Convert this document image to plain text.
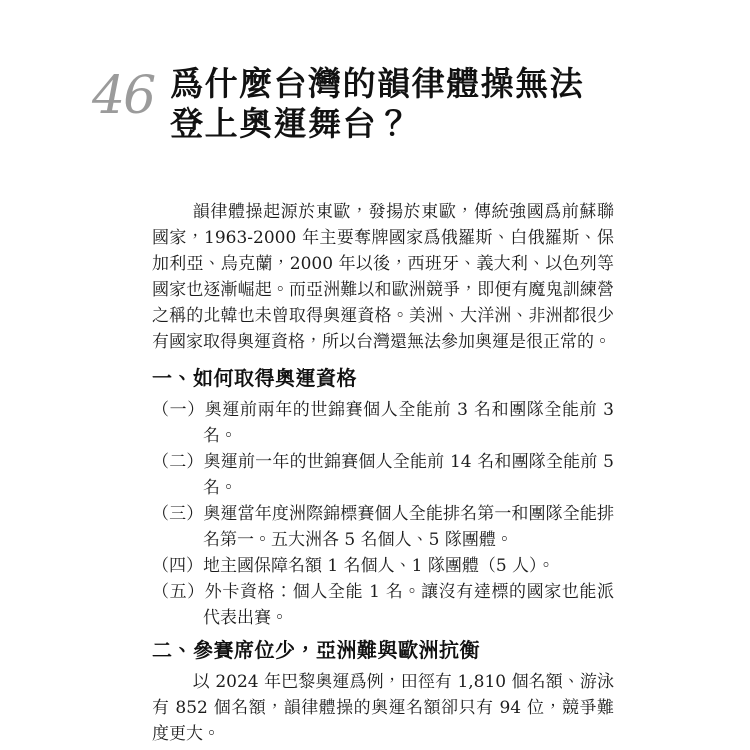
46 爲什麼台灣的韻律體操無法登上奧運舞台？

韻律體操起源於東歐，發揚於東歐，傳統強國爲前蘇聯國家，1963-2000 年主要奪牌國家爲俄羅斯、白俄羅斯、保加利亞、烏克蘭，2000 年以後，西班牙、義大利、以色列等國家也逐漸崛起。而亞洲難以和歐洲競爭，即便有魔鬼訓練營之稱的北韓也未曾取得奧運資格。美洲、大洋洲、非洲都很少有國家取得奧運資格，所以台灣還無法參加奧運是很正常的。

一、如何取得奧運資格
（一）奧運前兩年的世錦賽個人全能前 3 名和團隊全能前 3 名。
（二）奧運前一年的世錦賽個人全能前 14 名和團隊全能前 5 名。
（三）奧運當年度洲際錦標賽個人全能排名第一和團隊全能排名第一。五大洲各 5 名個人、5 隊團體。
（四）地主國保障名額 1 名個人、1 隊團體（5 人）。
（五）外卡資格：個人全能 1 名。讓沒有達標的國家也能派代表出賽。
二、參賽席位少，亞洲難與歐洲抗衡

以 2024 年巴黎奧運爲例，田徑有 1,810 個名額、游泳有 852 個名額，韻律體操的奧運名額卻只有 94 位，競爭難度更大。
